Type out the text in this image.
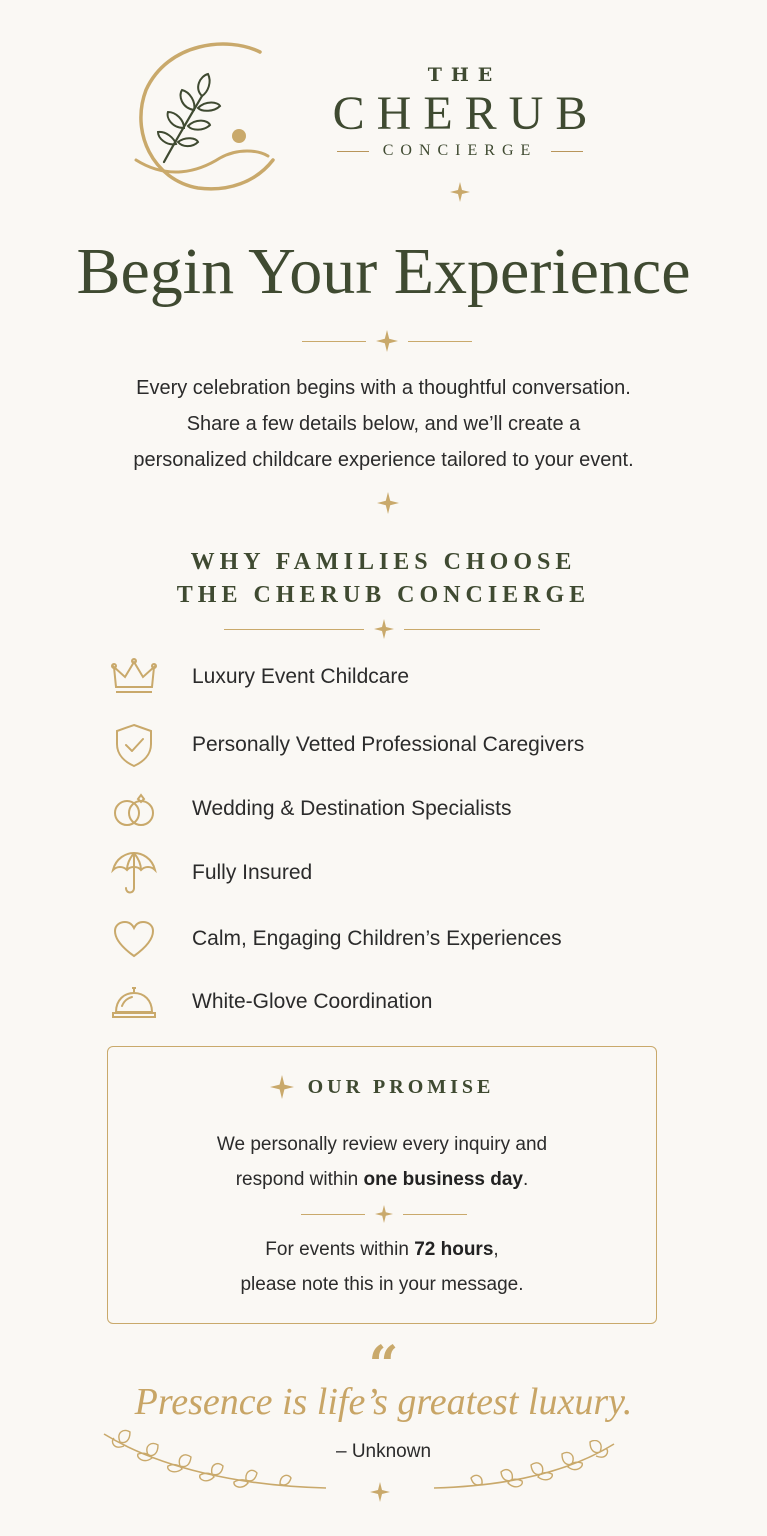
THE
CHERUB
CONCIERGE
Begin Your Experience
Every celebration begins with a thoughtful conversation.
Share a few details below, and we’ll create a
personalized childcare experience tailored to your event.
WHY FAMILIES CHOOSE
THE CHERUB CONCIERGE
Luxury Event Childcare
Personally Vetted Professional Caregivers
Wedding & Destination Specialists
Fully Insured
Calm, Engaging Children’s Experiences
White-Glove Coordination
OUR PROMISE
We personally review every inquiry and
respond within one business day.
For events within 72 hours,
please note this in your message.
“
Presence is life’s greatest luxury.
– Unknown
